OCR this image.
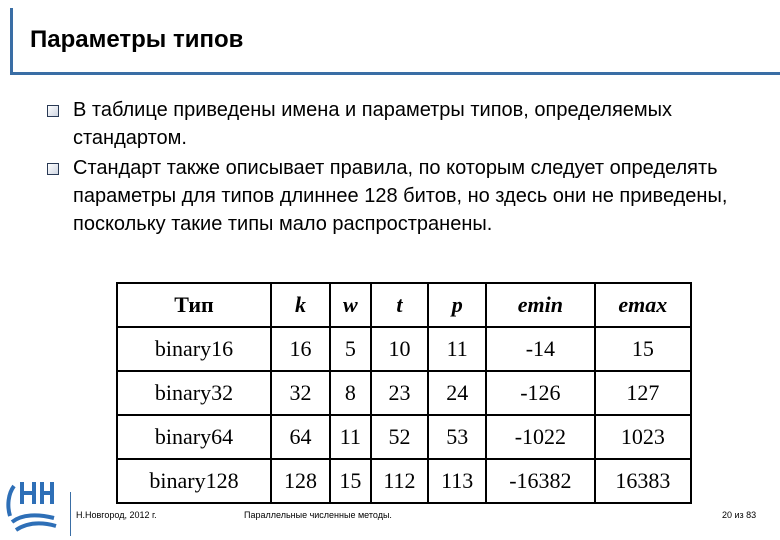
Параметры типов
В таблице приведены имена и параметры типов, определяемых стандартом.
Стандарт также описывает правила, по которым следует определять параметры для типов длиннее 128 битов, но здесь они не приведены, поскольку такие типы мало распространены.
Тип	k	w	t	p	emin	emax
binary16	16	5	10	11	-14	15
binary32	32	8	23	24	-126	127
binary64	64	11	52	53	-1022	1023
binary128	128	15	112	113	-16382	16383
Н.Новгород, 2012 г.	Параллельные численные методы.	20 из 83
